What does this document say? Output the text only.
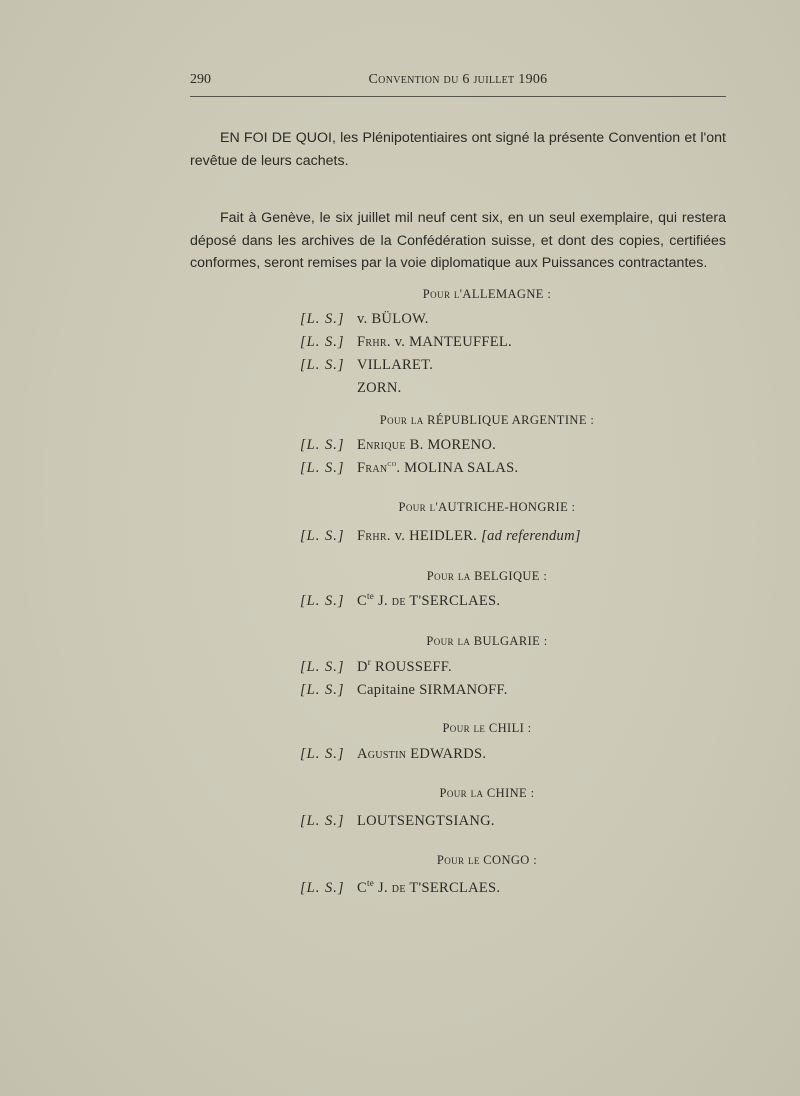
290	Convention du 6 juillet 1906

EN FOI DE QUOI, les Plénipotentiaires ont signé la présente Convention et l'ont revêtue de leurs cachets.

Fait à Genève, le six juillet mil neuf cent six, en un seul exemplaire, qui restera déposé dans les archives de la Confédération suisse, et dont des copies, certifiées conformes, seront remises par la voie diplomatique aux Puissances contractantes.

Pour l'ALLEMAGNE :
[L. S.] v. BÜLOW.
[L. S.] Frhr. v. MANTEUFFEL.
[L. S.] VILLARET.
ZORN.
Pour la RÉPUBLIQUE ARGENTINE :
[L. S.] Enrique B. MORENO.
[L. S.] Fran$^{co}$. MOLINA SALAS.
Pour l'AUTRICHE-HONGRIE :
[L. S.] Frhr. v. HEIDLER. [ad referendum]
Pour la BELGIQUE :
[L. S.] $C^{te}$ J. de T'SERCLAES.
Pour la BULGARIE :
[L. S.] $D^r$ ROUSSEFF.
[L. S.] Capitaine SIRMANOFF.
Pour le CHILI :
[L. S.] Agustin EDWARDS.
Pour la CHINE :
[L. S.] LOUTSENGTSIANG.
Pour le CONGO :
[L. S.] $C^{te}$ J. de T'SERCLAES.
